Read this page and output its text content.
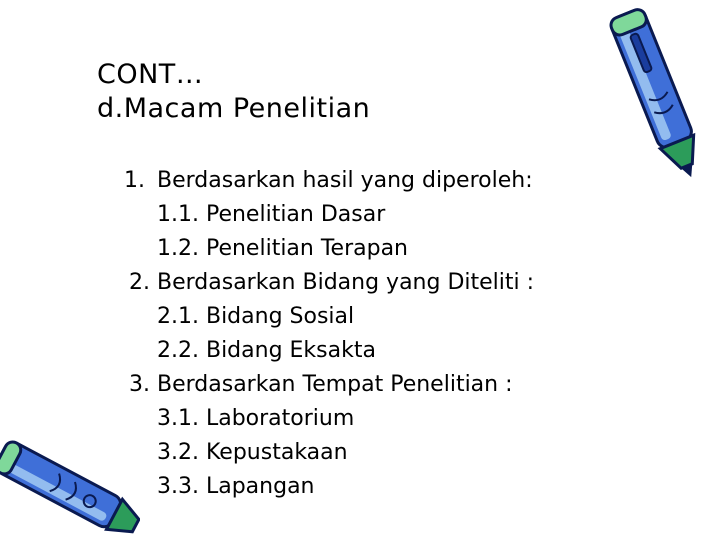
CONT…
d.Macam Penelitian
1. Berdasarkan hasil yang diperoleh:
1.1. Penelitian Dasar
1.2. Penelitian Terapan
2. Berdasarkan Bidang yang Diteliti :
2.1. Bidang Sosial
2.2. Bidang Eksakta
3. Berdasarkan Tempat Penelitian :
3.1. Laboratorium
3.2. Kepustakaan
3.3. Lapangan
